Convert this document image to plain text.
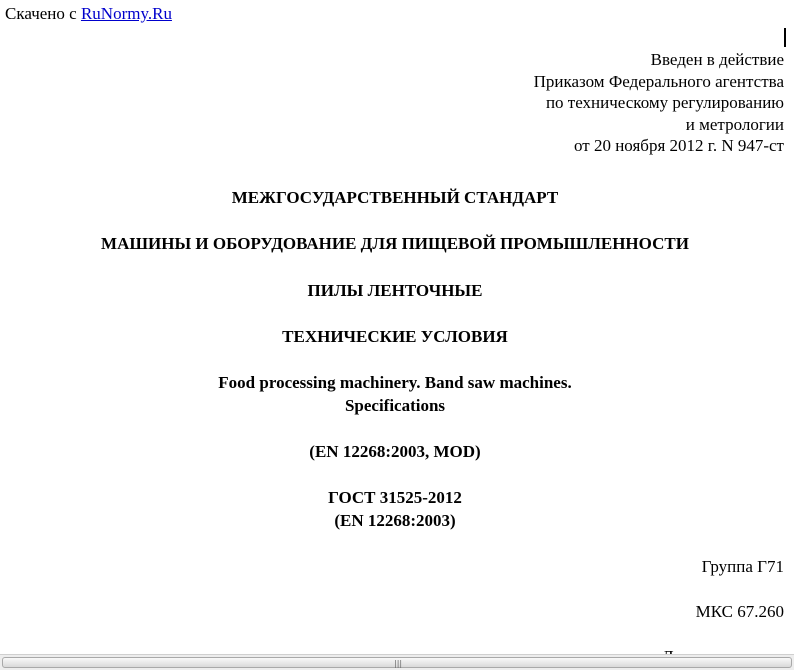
Скачено с RuNormy.Ru
Введен в действие
Приказом Федерального агентства
по техническому регулированию
и метрологии
от 20 ноября 2012 г. N 947-ст
МЕЖГОСУДАРСТВЕННЫЙ СТАНДАРТ
МАШИНЫ И ОБОРУДОВАНИЕ ДЛЯ ПИЩЕВОЙ ПРОМЫШЛЕННОСТИ
ПИЛЫ ЛЕНТОЧНЫЕ
ТЕХНИЧЕСКИЕ УСЛОВИЯ
Food processing machinery. Band saw machines.
Specifications
(EN 12268:2003, MOD)
ГОСТ 31525-2012
(EN 12268:2003)
Группа Г71
МКС 67.260
|||
